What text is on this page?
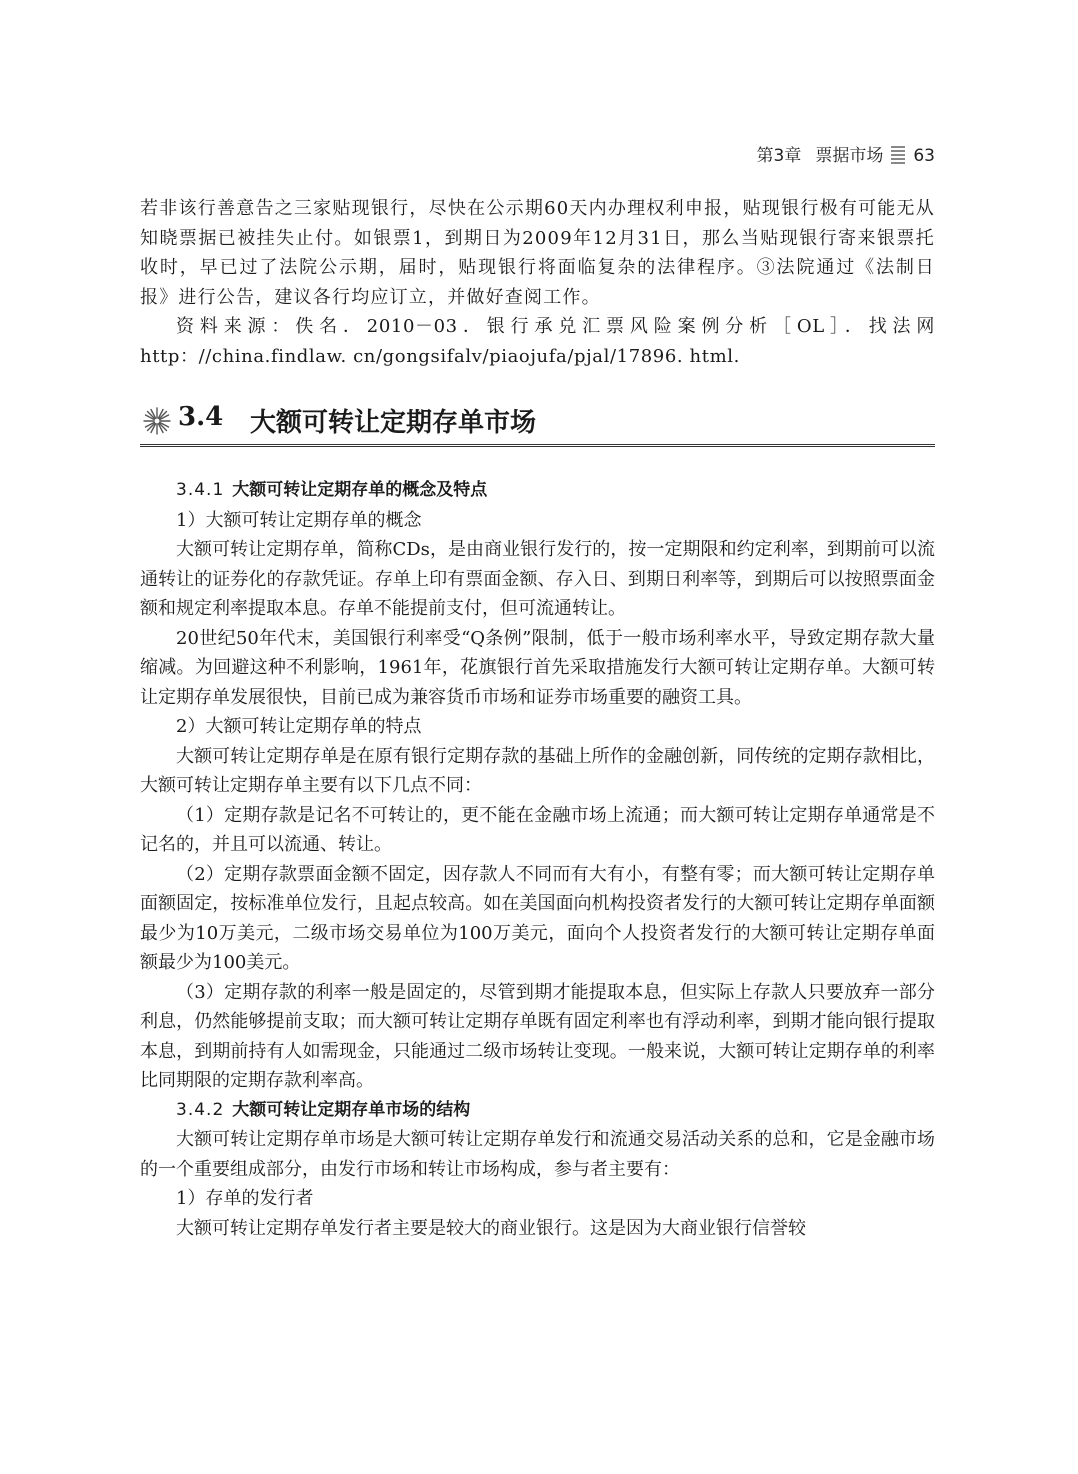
第3章 票据市场 63

若非该行善意告之三家贴现银行，尽快在公示期60天内办理权利申报，贴现银行极有可能无从知晓票据已被挂失止付。如银票1，到期日为2009年12月31日，那么当贴现银行寄来银票托收时，早已过了法院公示期，届时，贴现银行将面临复杂的法律程序。③法院通过《法制日报》进行公告，建议各行均应订立，并做好查阅工作。

资料来源：佚名．2010－03．银行承兑汇票风险案例分析［OL］．找法网 http：//china.findlaw. cn/gongsifalv/piaojufa/pjal/17896. html.

3.4 大额可转让定期存单市场
3.4.1 大额可转让定期存单的概念及特点
1）大额可转让定期存单的概念

大额可转让定期存单，简称CDs，是由商业银行发行的，按一定期限和约定利率，到期前可以流通转让的证券化的存款凭证。存单上印有票面金额、存入日、到期日利率等，到期后可以按照票面金额和规定利率提取本息。存单不能提前支付，但可流通转让。

20世纪50年代末，美国银行利率受“Q条例”限制，低于一般市场利率水平，导致定期存款大量缩减。为回避这种不利影响，1961年，花旗银行首先采取措施发行大额可转让定期存单。大额可转让定期存单发展很快，目前已成为兼容货币市场和证券市场重要的融资工具。

2）大额可转让定期存单的特点

大额可转让定期存单是在原有银行定期存款的基础上所作的金融创新，同传统的定期存款相比，大额可转让定期存单主要有以下几点不同：

（1）定期存款是记名不可转让的，更不能在金融市场上流通；而大额可转让定期存单通常是不记名的，并且可以流通、转让。

（2）定期存款票面金额不固定，因存款人不同而有大有小，有整有零；而大额可转让定期存单面额固定，按标准单位发行，且起点较高。如在美国面向机构投资者发行的大额可转让定期存单面额最少为10万美元，二级市场交易单位为100万美元，面向个人投资者发行的大额可转让定期存单面额最少为100美元。

（3）定期存款的利率一般是固定的，尽管到期才能提取本息，但实际上存款人只要放弃一部分利息，仍然能够提前支取；而大额可转让定期存单既有固定利率也有浮动利率，到期才能向银行提取本息，到期前持有人如需现金，只能通过二级市场转让变现。一般来说，大额可转让定期存单的利率比同期限的定期存款利率高。

3.4.2 大额可转让定期存单市场的结构

大额可转让定期存单市场是大额可转让定期存单发行和流通交易活动关系的总和，它是金融市场的一个重要组成部分，由发行市场和转让市场构成，参与者主要有：

1）存单的发行者

大额可转让定期存单发行者主要是较大的商业银行。这是因为大商业银行信誉较
